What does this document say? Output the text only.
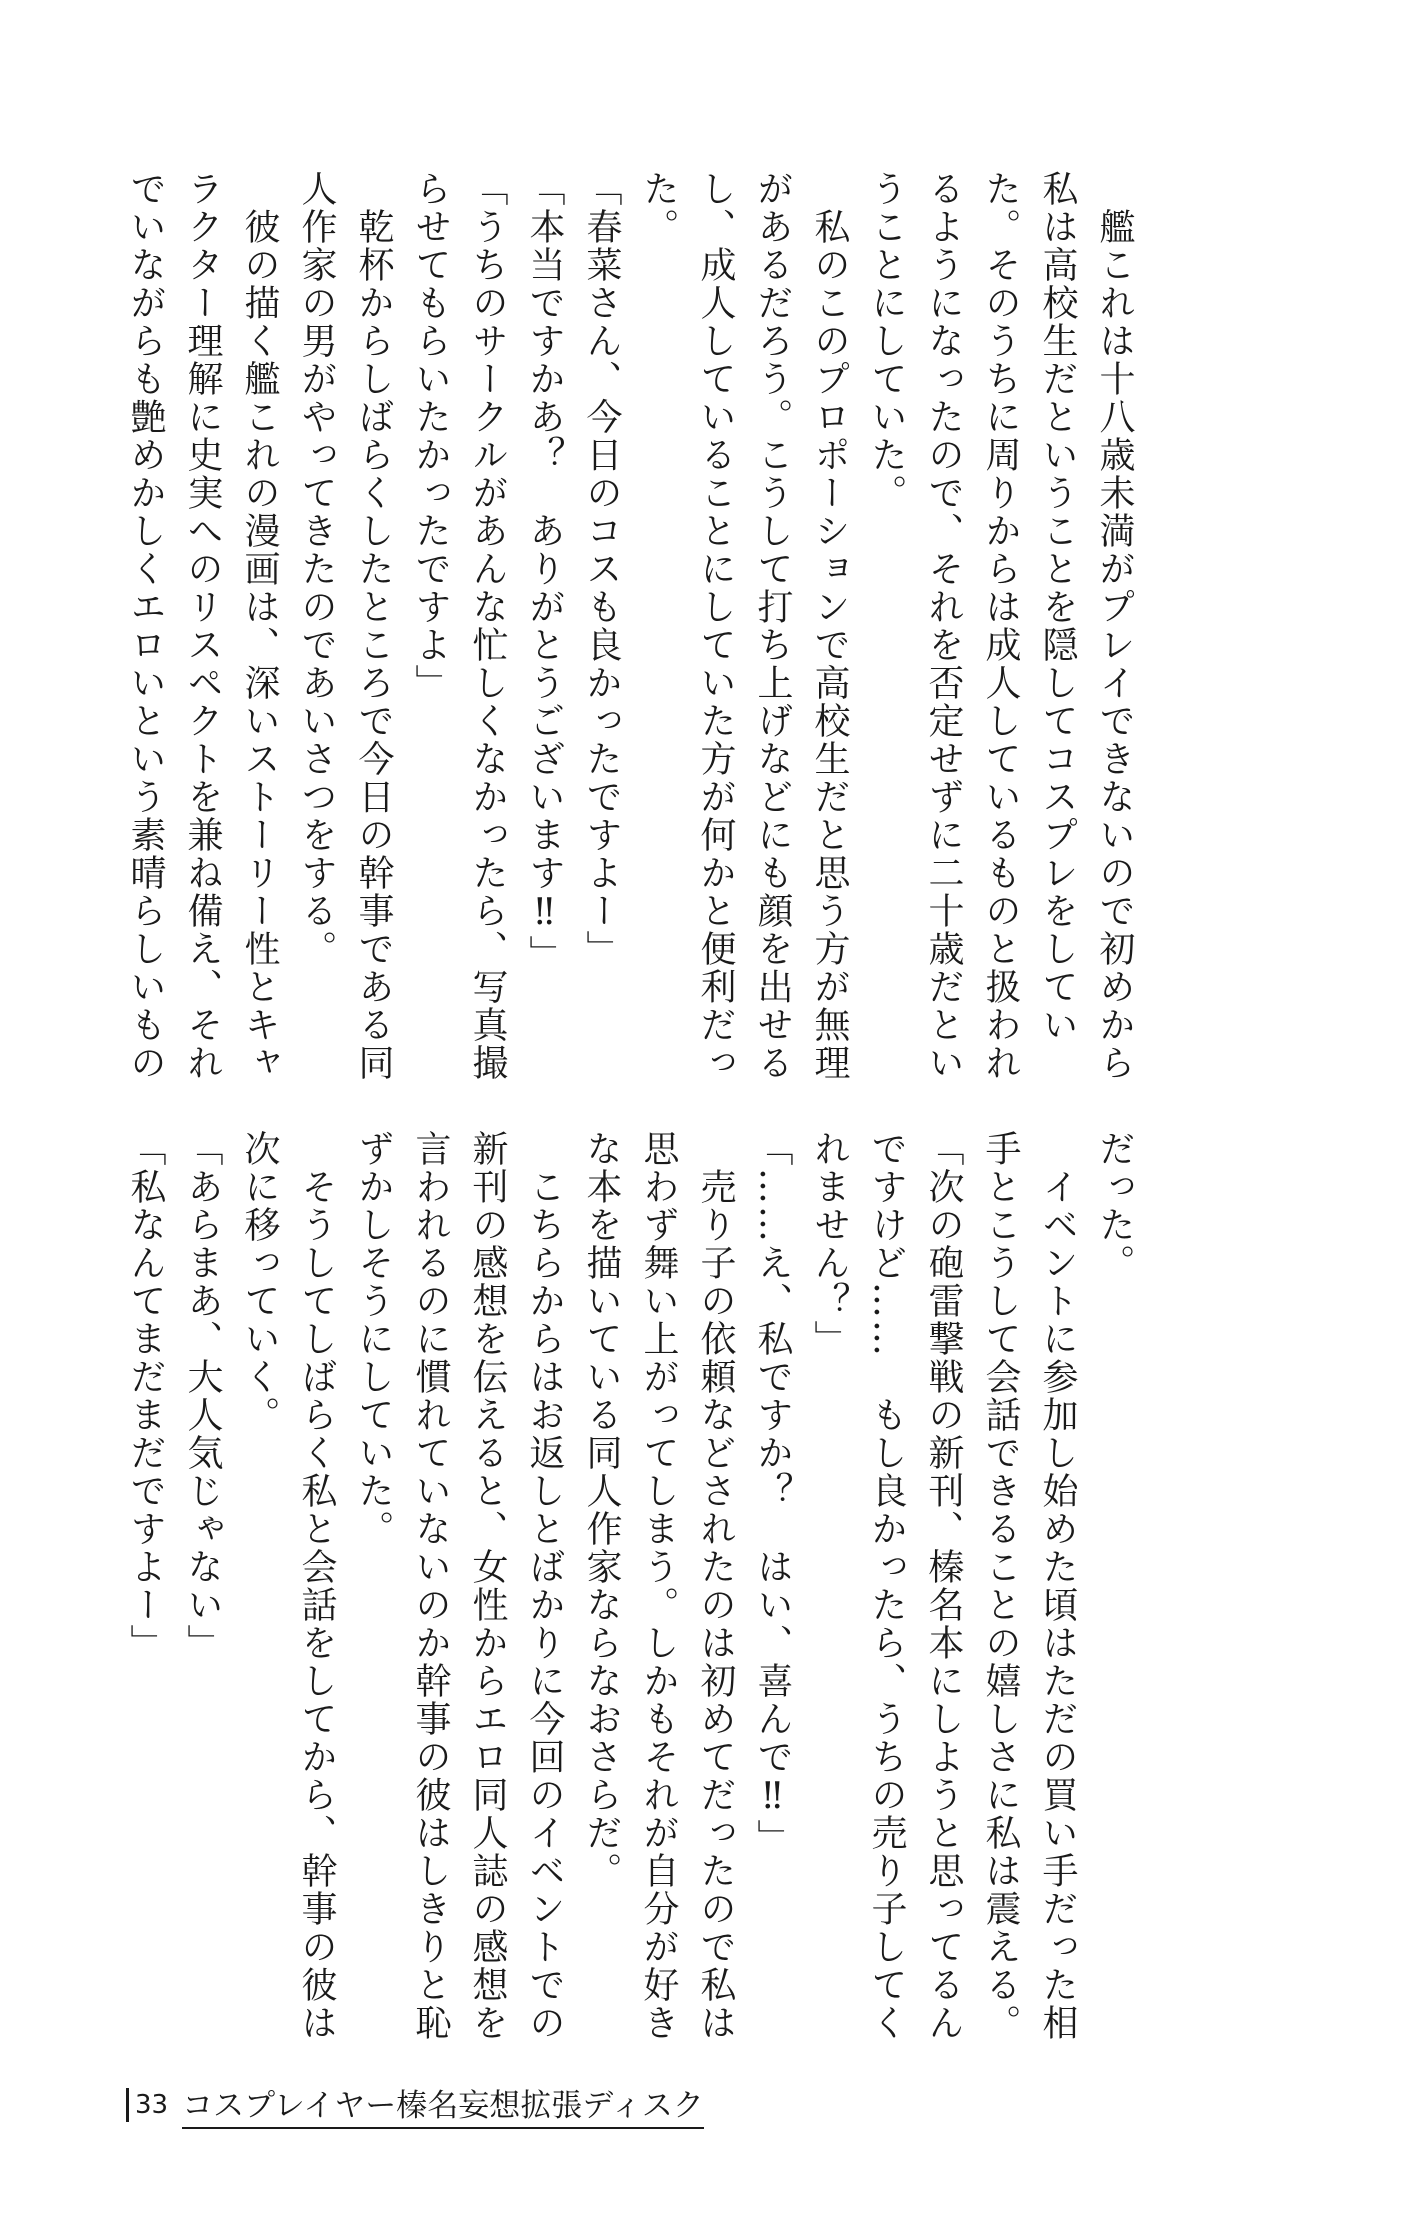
　艦これは十八歳未満がプレイできないので初めから
私は高校生だということを隠してコスプレをしてい
た。そのうちに周りからは成人しているものと扱われ
るようになったので、それを否定せずに二十歳だとい
うことにしていた。
　私のこのプロポーションで高校生だと思う方が無理
があるだろう。こうして打ち上げなどにも顔を出せる
し、成人していることにしていた方が何かと便利だっ
た。
「春菜さん、今日のコスも良かったですよー」
「本当ですかあ？　ありがとうございます‼」
「うちのサークルがあんな忙しくなかったら、写真撮
らせてもらいたかったですよ」
　乾杯からしばらくしたところで今日の幹事である同
人作家の男がやってきたのであいさつをする。
　彼の描く艦これの漫画は、深いストーリー性とキャ
ラクター理解に史実へのリスペクトを兼ね備え、それ
でいながらも艶めかしくエロいという素晴らしいもの
だった。
　イベントに参加し始めた頃はただの買い手だった相
手とこうして会話できることの嬉しさに私は震える。
「次の砲雷撃戦の新刊、榛名本にしようと思ってるん
ですけど……　もし良かったら、うちの売り子してく
れません？」
「……え、私ですか？　はい、喜んで‼」
　売り子の依頼などされたのは初めてだったので私は
思わず舞い上がってしまう。しかもそれが自分が好き
な本を描いている同人作家ならなおさらだ。
　こちらからはお返しとばかりに今回のイベントでの
新刊の感想を伝えると、女性からエロ同人誌の感想を
言われるのに慣れていないのか幹事の彼はしきりと恥
ずかしそうにしていた。
　そうしてしばらく私と会話をしてから、幹事の彼は
次に移っていく。
「あらまあ、大人気じゃない」
「私なんてまだまだですよー」
33 コスプレイヤー榛名妄想拡張ディスク
